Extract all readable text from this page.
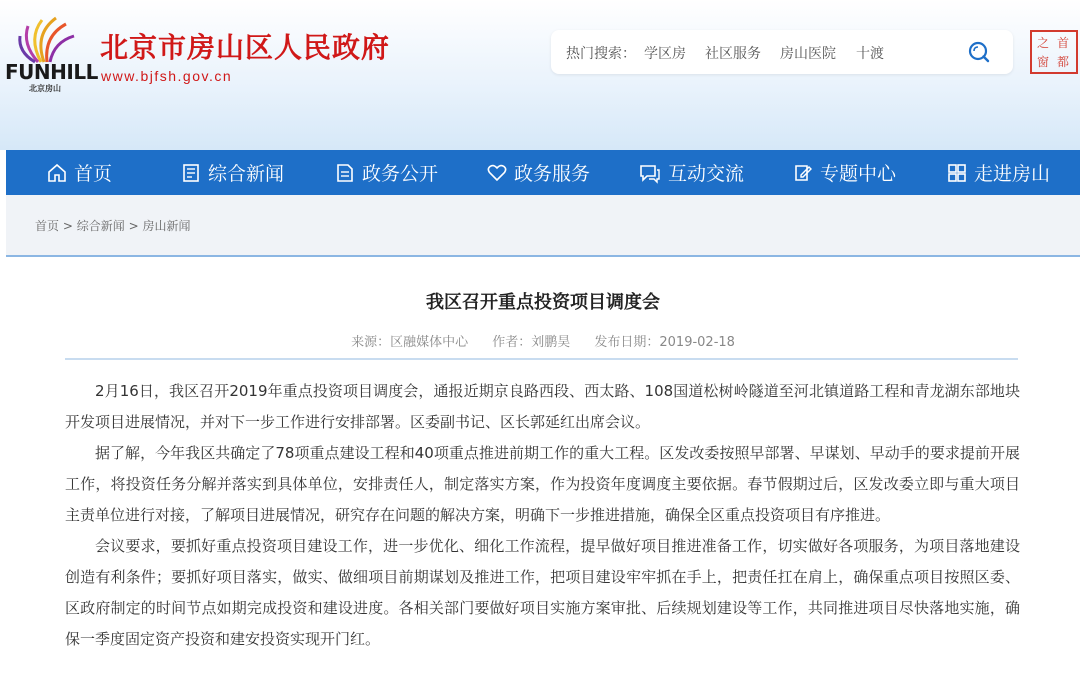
FUNHILL
北京房山
北京市房山区人民政府
www.bjfsh.gov.cn
热门搜索： 学区房 社区服务 房山医院 十渡
首
都
之
窗
首页	综合新闻	政务公开	政务服务	互动交流	专题中心	走进房山
首页 > 综合新闻 > 房山新闻
我区召开重点投资项目调度会
来源：区融媒体中心 作者：刘鹏昊 发布日期：2019-02-18

2月16日，我区召开2019年重点投资项目调度会，通报近期京良路西段、西太路、108国道松树岭隧道至河北镇道路工程和青龙湖东部地块开发项目进展情况，并对下一步工作进行安排部署。区委副书记、区长郭延红出席会议。

据了解，今年我区共确定了78项重点建设工程和40项重点推进前期工作的重大工程。区发改委按照早部署、早谋划、早动手的要求提前开展工作，将投资任务分解并落实到具体单位，安排责任人，制定落实方案，作为投资年度调度主要依据。春节假期过后，区发改委立即与重大项目主责单位进行对接，了解项目进展情况，研究存在问题的解决方案，明确下一步推进措施，确保全区重点投资项目有序推进。

会议要求，要抓好重点投资项目建设工作，进一步优化、细化工作流程，提早做好项目推进准备工作，切实做好各项服务，为项目落地建设创造有利条件；要抓好项目落实，做实、做细项目前期谋划及推进工作，把项目建设牢牢抓在手上，把责任扛在肩上，确保重点项目按照区委、区政府制定的时间节点如期完成投资和建设进度。各相关部门要做好项目实施方案审批、后续规划建设等工作，共同推进项目尽快落地实施，确保一季度固定资产投资和建安投资实现开门红。
